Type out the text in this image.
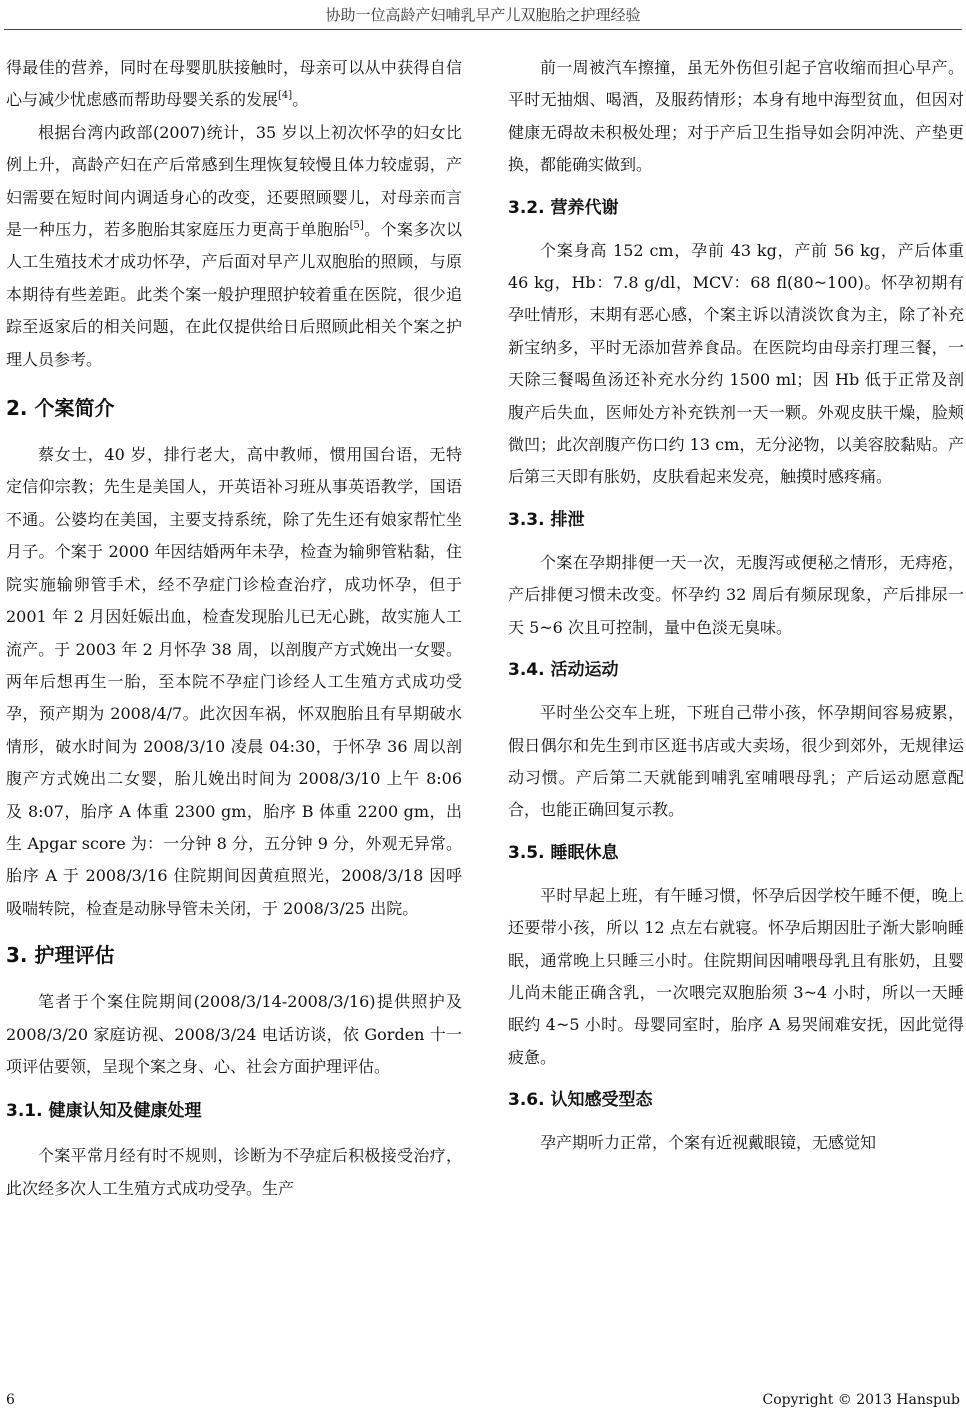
协助一位高龄产妇哺乳早产儿双胞胎之护理经验

得最佳的营养，同时在母婴肌肤接触时，母亲可以从中获得自信心与减少忧虑感而帮助母婴关系的发展[4]。

根据台湾内政部(2007)统计，35 岁以上初次怀孕的妇女比例上升，高龄产妇在产后常感到生理恢复较慢且体力较虚弱，产妇需要在短时间内调适身心的改变，还要照顾婴儿，对母亲而言是一种压力，若多胞胎其家庭压力更高于单胞胎[5]。个案多次以人工生殖技术才成功怀孕，产后面对早产儿双胞胎的照顾，与原本期待有些差距。此类个案一般护理照护较着重在医院，很少追踪至返家后的相关问题，在此仅提供给日后照顾此相关个案之护理人员参考。

2. 个案简介

蔡女士，40 岁，排行老大，高中教师，惯用国台语，无特定信仰宗教；先生是美国人，开英语补习班从事英语教学，国语不通。公婆均在美国，主要支持系统，除了先生还有娘家帮忙坐月子。个案于 2000 年因结婚两年未孕，检查为输卵管粘黏，住院实施输卵管手术，经不孕症门诊检查治疗，成功怀孕，但于 2001 年 2 月因妊娠出血，检查发现胎儿已无心跳，故实施人工流产。于 2003 年 2 月怀孕 38 周，以剖腹产方式娩出一女婴。两年后想再生一胎，至本院不孕症门诊经人工生殖方式成功受孕，预产期为 2008/4/7。此次因车祸，怀双胞胎且有早期破水情形，破水时间为 2008/3/10 凌晨 04:30，于怀孕 36 周以剖腹产方式娩出二女婴，胎儿娩出时间为 2008/3/10 上午 8:06 及 8:07，胎序 A 体重 2300 gm，胎序 B 体重 2200 gm，出生 Apgar score 为：一分钟 8 分，五分钟 9 分，外观无异常。胎序 A 于 2008/3/16 住院期间因黄疸照光，2008/3/18 因呼吸喘转院，检查是动脉导管未关闭，于 2008/3/25 出院。

3. 护理评估

笔者于个案住院期间(2008/3/14-2008/3/16)提供照护及 2008/3/20 家庭访视、2008/3/24 电话访谈，依 Gorden 十一项评估要领，呈现个案之身、心、社会方面护理评估。

3.1. 健康认知及健康处理

个案平常月经有时不规则，诊断为不孕症后积极接受治疗，此次经多次人工生殖方式成功受孕。生产

前一周被汽车擦撞，虽无外伤但引起子宫收缩而担心早产。平时无抽烟、喝酒，及服药情形；本身有地中海型贫血，但因对健康无碍故未积极处理；对于产后卫生指导如会阴冲洗、产垫更换，都能确实做到。

3.2. 营养代谢

个案身高 152 cm，孕前 43 kg，产前 56 kg，产后体重 46 kg，Hb：7.8 g/dl，MCV：68 fl(80~100)。怀孕初期有孕吐情形，末期有恶心感，个案主诉以清淡饮食为主，除了补充新宝纳多，平时无添加营养食品。在医院均由母亲打理三餐，一天除三餐喝鱼汤还补充水分约 1500 ml；因 Hb 低于正常及剖腹产后失血，医师处方补充铁剂一天一颗。外观皮肤干燥，脸颊微凹；此次剖腹产伤口约 13 cm，无分泌物，以美容胶黏贴。产后第三天即有胀奶，皮肤看起来发亮，触摸时感疼痛。

3.3. 排泄

个案在孕期排便一天一次，无腹泻或便秘之情形，无痔疮，产后排便习惯未改变。怀孕约 32 周后有频尿现象，产后排尿一天 5~6 次且可控制，量中色淡无臭味。

3.4. 活动运动

平时坐公交车上班，下班自己带小孩，怀孕期间容易疲累，假日偶尔和先生到市区逛书店或大卖场，很少到郊外，无规律运动习惯。产后第二天就能到哺乳室哺喂母乳；产后运动愿意配合，也能正确回复示教。

3.5. 睡眠休息

平时早起上班，有午睡习惯，怀孕后因学校午睡不便，晚上还要带小孩，所以 12 点左右就寝。怀孕后期因肚子渐大影响睡眠，通常晚上只睡三小时。住院期间因哺喂母乳且有胀奶，且婴儿尚未能正确含乳，一次喂完双胞胎须 3~4 小时，所以一天睡眠约 4~5 小时。母婴同室时，胎序 A 易哭闹难安抚，因此觉得疲惫。

3.6. 认知感受型态

孕产期听力正常，个案有近视戴眼镜，无感觉知

6	Copyright © 2013 Hanspub
